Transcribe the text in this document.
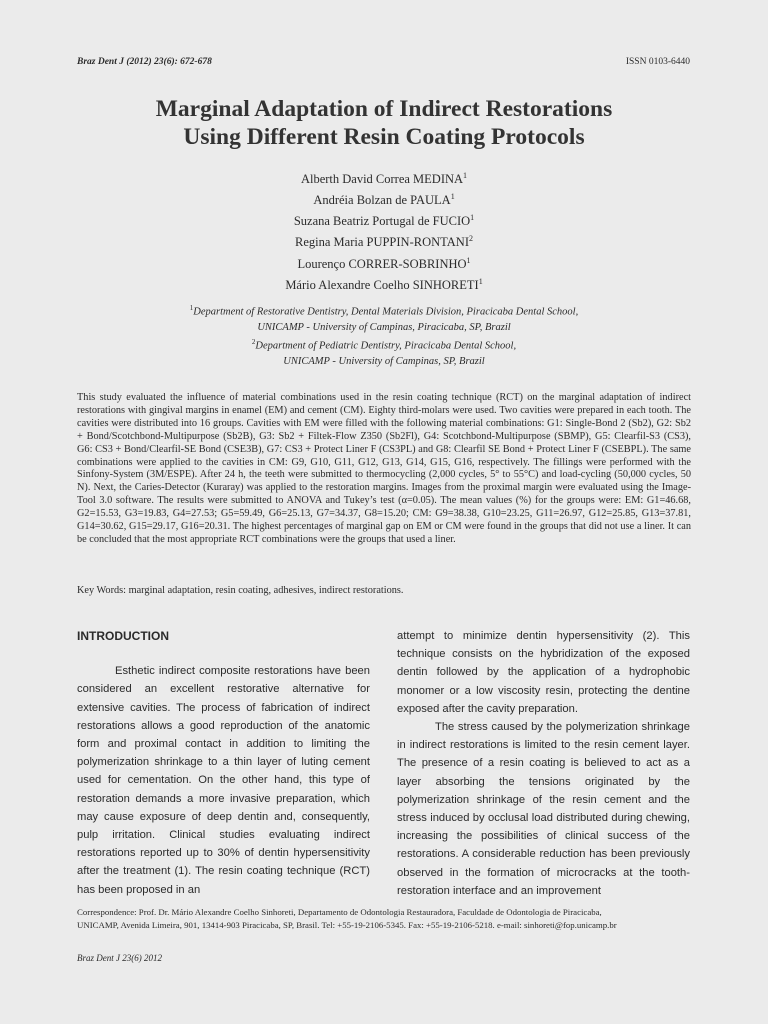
Braz Dent J (2012) 23(6): 672-678	ISSN 0103-6440
Marginal Adaptation of Indirect Restorations
Using Different Resin Coating Protocols
Alberth David Correa MEDINA$^1$
Andréia Bolzan de PAULA$^1$
Suzana Beatriz Portugal de FUCIO$^1$
Regina Maria PUPPIN-RONTANI$^2$
Lourenço CORRER-SOBRINHO$^1$
Mário Alexandre Coelho SINHORETI$^1$
$^1$Department of Restorative Dentistry, Dental Materials Division, Piracicaba Dental School,
UNICAMP - University of Campinas, Piracicaba, SP, Brazil
$^2$Department of Pediatric Dentistry, Piracicaba Dental School,
UNICAMP - University of Campinas, SP, Brazil
This study evaluated the influence of material combinations used in the resin coating technique (RCT) on the marginal adaptation of indirect restorations with gingival margins in enamel (EM) and cement (CM). Eighty third-molars were used. Two cavities were prepared in each tooth. The cavities were distributed into 16 groups. Cavities with EM were filled with the following material combinations: G1: Single-Bond 2 (Sb2), G2: Sb2 + Bond/Scotchbond-Multipurpose (Sb2B), G3: Sb2 + Filtek-Flow Z350 (Sb2Fl), G4: Scotchbond-Multipurpose (SBMP), G5: Clearfil-S3 (CS3), G6: CS3 + Bond/Clearfil-SE Bond (CSE3B), G7: CS3 + Protect Liner F (CS3PL) and G8: Clearfil SE Bond + Protect Liner F (CSEBPL). The same combinations were applied to the cavities in CM: G9, G10, G11, G12, G13, G14, G15, G16, respectively. The fillings were performed with the Sinfony-System (3M/ESPE). After 24 h, the teeth were submitted to thermocycling (2,000 cycles, 5° to 55°C) and load-cycling (50,000 cycles, 50 N). Next, the Caries-Detector (Kuraray) was applied to the restoration margins. Images from the proximal margin were evaluated using the Image-Tool 3.0 software. The results were submitted to ANOVA and Tukey’s test (α=0.05). The mean values (%) for the groups were: EM: G1=46.68, G2=15.53, G3=19.83, G4=27.53; G5=59.49, G6=25.13, G7=34.37, G8=15.20; CM: G9=38.38, G10=23.25, G11=26.97, G12=25.85, G13=37.81, G14=30.62, G15=29.17, G16=20.31. The highest percentages of marginal gap on EM or CM were found in the groups that did not use a liner. It can be concluded that the most appropriate RCT combinations were the groups that used a liner.
Key Words: marginal adaptation, resin coating, adhesives, indirect restorations.
INTRODUCTION

Esthetic indirect composite restorations have been considered an excellent restorative alternative for extensive cavities. The process of fabrication of indirect restorations allows a good reproduction of the anatomic form and proximal contact in addition to limiting the polymerization shrinkage to a thin layer of luting cement used for cementation. On the other hand, this type of restoration demands a more invasive preparation, which may cause exposure of deep dentin and, consequently, pulp irritation. Clinical studies evaluating indirect restorations reported up to 30% of dentin hypersensitivity after the treatment (1). The resin coating technique (RCT) has been proposed in an

attempt to minimize dentin hypersensitivity (2). This technique consists on the hybridization of the exposed dentin followed by the application of a hydrophobic monomer or a low viscosity resin, protecting the dentine exposed after the cavity preparation.

The stress caused by the polymerization shrinkage in indirect restorations is limited to the resin cement layer. The presence of a resin coating is believed to act as a layer absorbing the tensions originated by the polymerization shrinkage of the resin cement and the stress induced by occlusal load distributed during chewing, increasing the possibilities of clinical success of the restorations. A considerable reduction has been previously observed in the formation of microcracks at the tooth-restoration interface and an improvement

Correspondence: Prof. Dr. Mário Alexandre Coelho Sinhoreti, Departamento de Odontologia Restauradora, Faculdade de Odontologia de Piracicaba,
UNICAMP, Avenida Limeira, 901, 13414-903 Piracicaba, SP, Brasil. Tel: +55-19-2106-5345. Fax: +55-19-2106-5218. e-mail: sinhoreti@fop.unicamp.br
Braz Dent J 23(6) 2012
